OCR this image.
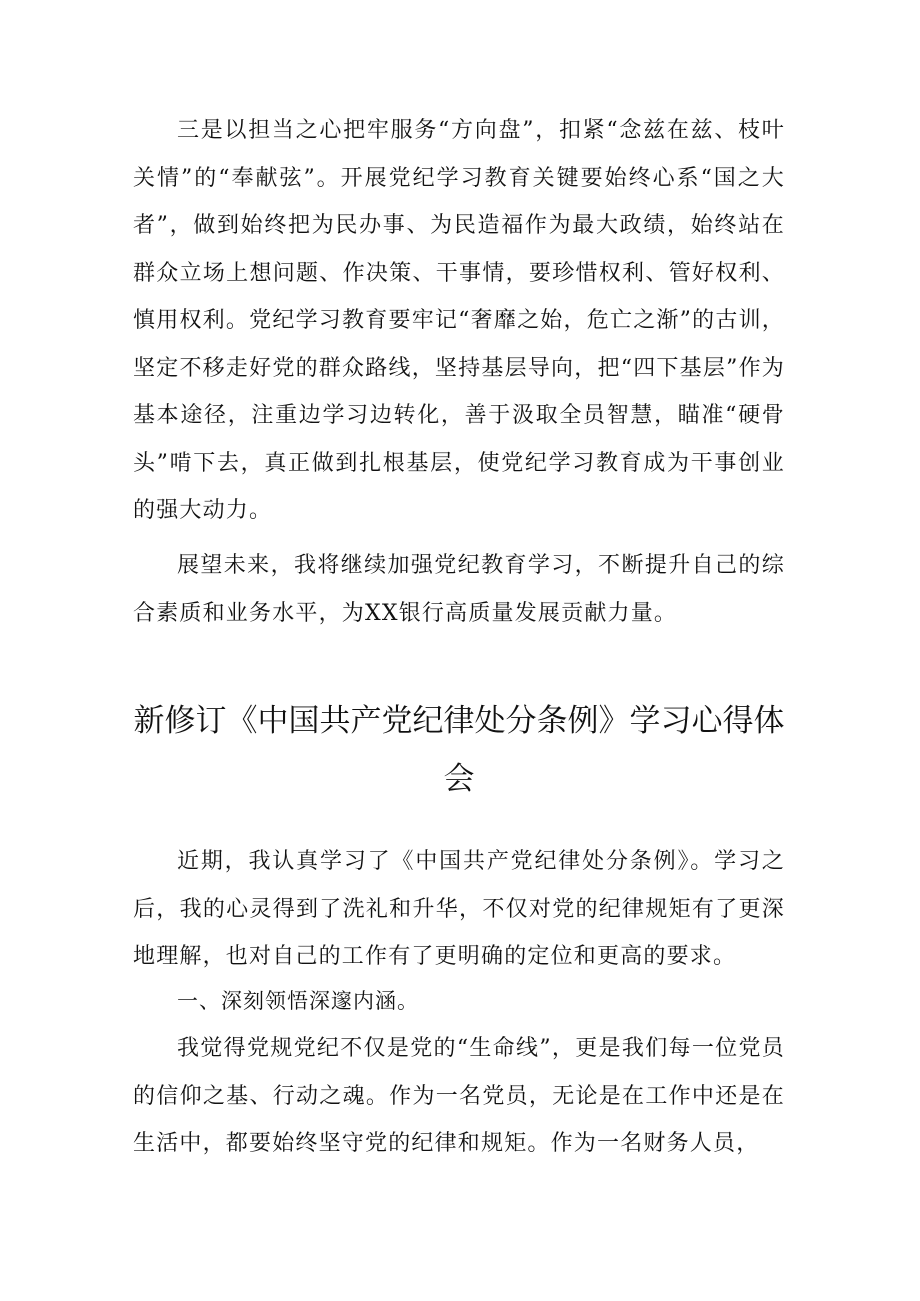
三是以担当之心把牢服务“方向盘”，扣紧“念兹在兹、枝叶关情”的“奉献弦”。开展党纪学习教育关键要始终心系“国之大者”，做到始终把为民办事、为民造福作为最大政绩，始终站在群众立场上想问题、作决策、干事情，要珍惜权利、管好权利、慎用权利。党纪学习教育要牢记“奢靡之始，危亡之渐”的古训，坚定不移走好党的群众路线，坚持基层导向，把“四下基层”作为基本途径，注重边学习边转化，善于汲取全员智慧，瞄准“硬骨头”啃下去，真正做到扎根基层，使党纪学习教育成为干事创业的强大动力。

展望未来，我将继续加强党纪教育学习，不断提升自己的综合素质和业务水平，为XX银行高质量发展贡献力量。

新修订《中国共产党纪律处分条例》学习心得体会

近期，我认真学习了《中国共产党纪律处分条例》。学习之后，我的心灵得到了洗礼和升华，不仅对党的纪律规矩有了更深地理解，也对自己的工作有了更明确的定位和更高的要求。

一、深刻领悟深邃内涵。

我觉得党规党纪不仅是党的“生命线”，更是我们每一位党员的信仰之基、行动之魂。作为一名党员，无论是在工作中还是在生活中，都要始终坚守党的纪律和规矩。作为一名财务人员，
